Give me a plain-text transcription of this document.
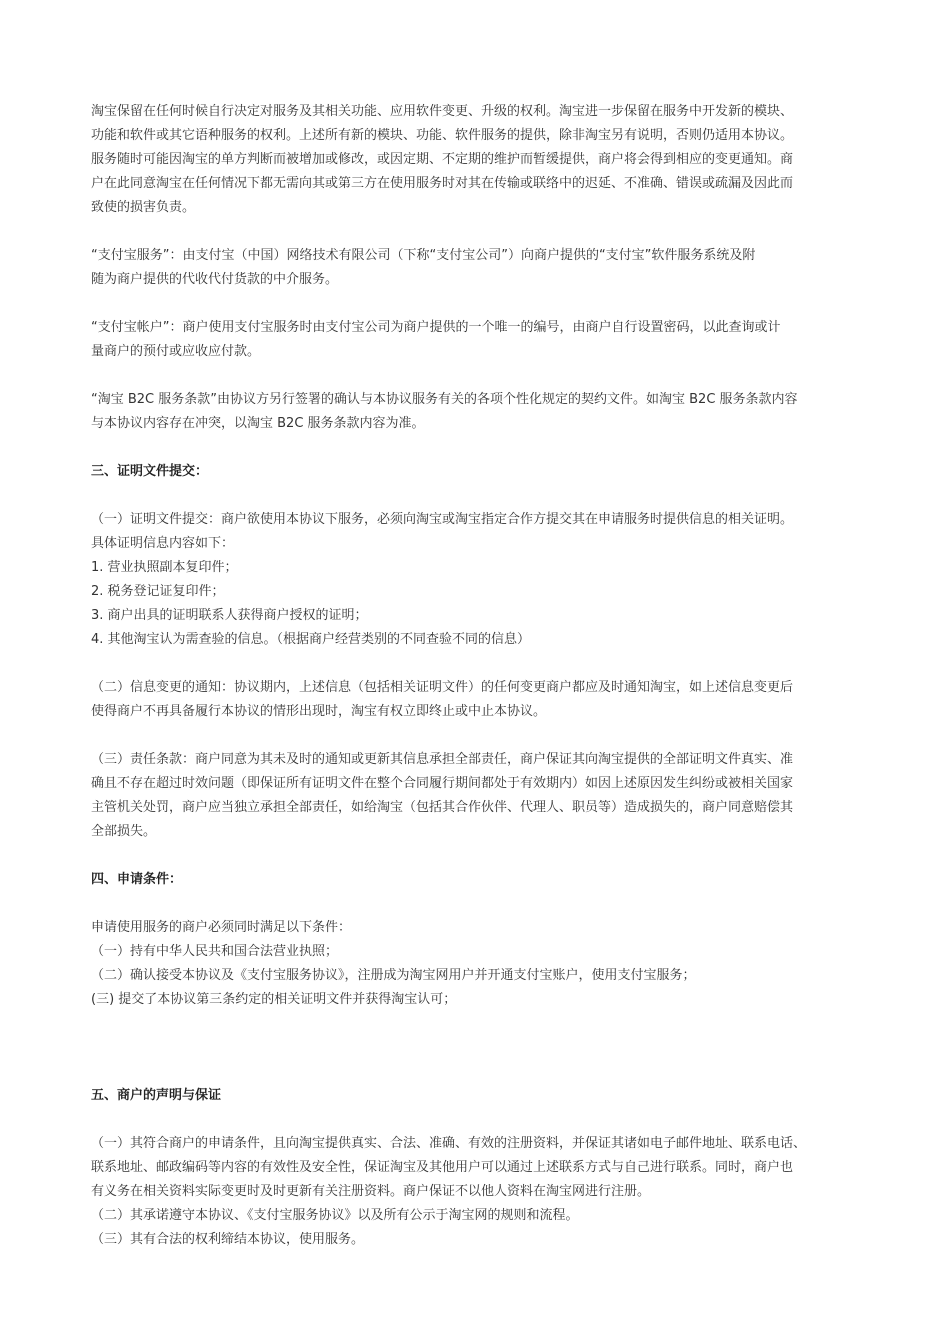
淘宝保留在任何时候自行决定对服务及其相关功能、应用软件变更、升级的权利。淘宝进一步保留在服务中开发新的模块、
功能和软件或其它语种服务的权利。上述所有新的模块、功能、软件服务的提供，除非淘宝另有说明，否则仍适用本协议。
服务随时可能因淘宝的单方判断而被增加或修改，或因定期、不定期的维护而暂缓提供，商户将会得到相应的变更通知。商
户在此同意淘宝在任何情况下都无需向其或第三方在使用服务时对其在传输或联络中的迟延、不准确、错误或疏漏及因此而
致使的损害负责。
“支付宝服务”：由支付宝（中国）网络技术有限公司（下称“支付宝公司”）向商户提供的“支付宝”软件服务系统及附
随为商户提供的代收代付货款的中介服务。
“支付宝帐户”：商户使用支付宝服务时由支付宝公司为商户提供的一个唯一的编号，由商户自行设置密码，以此查询或计
量商户的预付或应收应付款。
“淘宝 B2C 服务条款”由协议方另行签署的确认与本协议服务有关的各项个性化规定的契约文件。如淘宝 B2C 服务条款内容
与本协议内容存在冲突，以淘宝 B2C 服务条款内容为准。
三、证明文件提交：
（一）证明文件提交：商户欲使用本协议下服务，必须向淘宝或淘宝指定合作方提交其在申请服务时提供信息的相关证明。
具体证明信息内容如下：
1. 营业执照副本复印件；
2. 税务登记证复印件；
3. 商户出具的证明联系人获得商户授权的证明；
4. 其他淘宝认为需查验的信息。（根据商户经营类别的不同查验不同的信息）
（二）信息变更的通知：协议期内，上述信息（包括相关证明文件）的任何变更商户都应及时通知淘宝，如上述信息变更后
使得商户不再具备履行本协议的情形出现时，淘宝有权立即终止或中止本协议。
（三）责任条款：商户同意为其未及时的通知或更新其信息承担全部责任，商户保证其向淘宝提供的全部证明文件真实、准
确且不存在超过时效问题（即保证所有证明文件在整个合同履行期间都处于有效期内）如因上述原因发生纠纷或被相关国家
主管机关处罚，商户应当独立承担全部责任，如给淘宝（包括其合作伙伴、代理人、职员等）造成损失的，商户同意赔偿其
全部损失。
四、申请条件：
申请使用服务的商户必须同时满足以下条件：
（一）持有中华人民共和国合法营业执照；
（二）确认接受本协议及《支付宝服务协议》，注册成为淘宝网用户并开通支付宝账户，使用支付宝服务；
(三) 提交了本协议第三条约定的相关证明文件并获得淘宝认可；
五、商户的声明与保证
（一）其符合商户的申请条件，且向淘宝提供真实、合法、准确、有效的注册资料，并保证其诸如电子邮件地址、联系电话、
联系地址、邮政编码等内容的有效性及安全性，保证淘宝及其他用户可以通过上述联系方式与自己进行联系。同时，商户也
有义务在相关资料实际变更时及时更新有关注册资料。商户保证不以他人资料在淘宝网进行注册。
（二）其承诺遵守本协议、《支付宝服务协议》以及所有公示于淘宝网的规则和流程。
（三）其有合法的权利缔结本协议，使用服务。
